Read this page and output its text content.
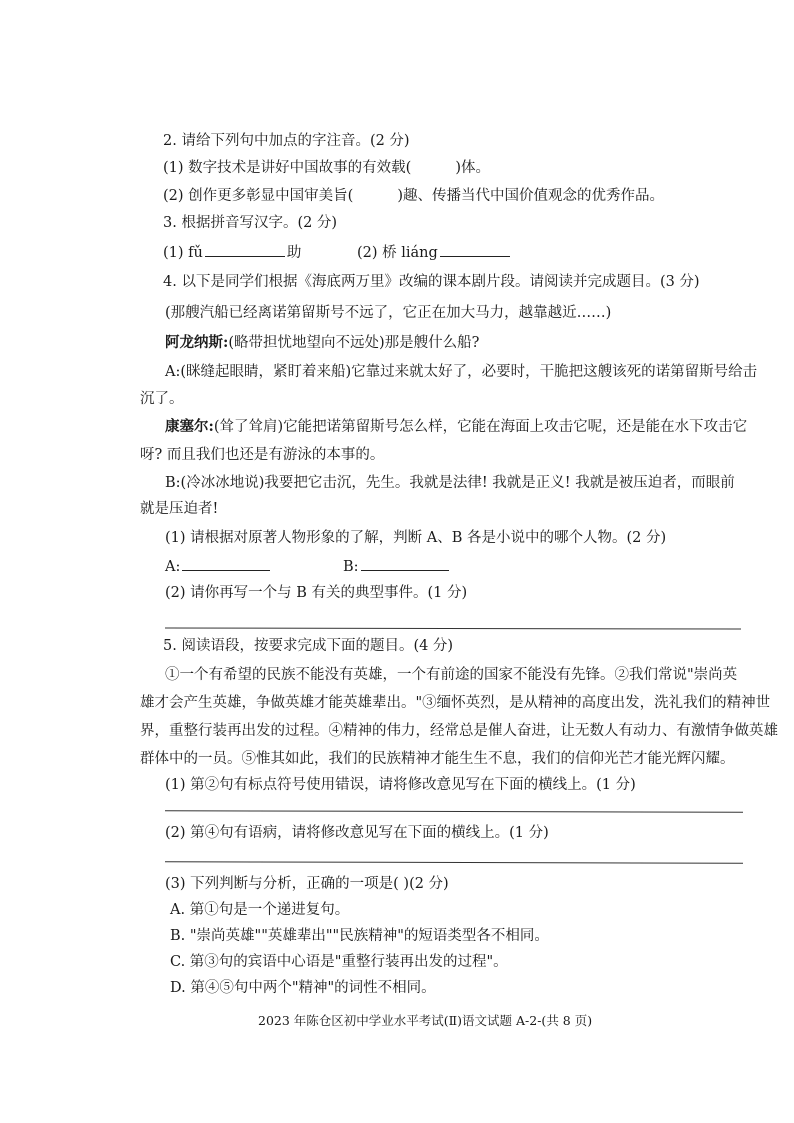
2. 请给下列句中加点的字注音。(2 分)
(1) 数字技术是讲好中国故事的有效载(	)体。
(2) 创作更多彰显中国审美旨(	)趣、传播当代中国价值观念的优秀作品。
3. 根据拼音写汉字。(2 分)
(1) fǔ	助	(2) 桥 liáng
4. 以下是同学们根据《海底两万里》改编的课本剧片段。请阅读并完成题目。(3 分)
(那艘汽船已经离诺第留斯号不远了，它正在加大马力，越靠越近……)
阿龙纳斯:(略带担忧地望向不远处)那是艘什么船?
A:(眯缝起眼睛，紧盯着来船)它靠过来就太好了，必要时，干脆把这艘该死的诺第留斯号给击
沉了。
康塞尔:(耸了耸肩)它能把诺第留斯号怎么样，它能在海面上攻击它呢，还是能在水下攻击它
呀? 而且我们也还是有游泳的本事的。
B:(冷冰冰地说)我要把它击沉，先生。我就是法律! 我就是正义! 我就是被压迫者，而眼前
就是压迫者!
(1) 请根据对原著人物形象的了解，判断 A、B 各是小说中的哪个人物。(2 分)
A:	B:
(2) 请你再写一个与 B 有关的典型事件。(1 分)
5. 阅读语段，按要求完成下面的题目。(4 分)
①一个有希望的民族不能没有英雄，一个有前途的国家不能没有先锋。②我们常说"崇尚英
雄才会产生英雄，争做英雄才能英雄辈出。"③缅怀英烈，是从精神的高度出发，洗礼我们的精神世
界，重整行装再出发的过程。④精神的伟力，经常总是催人奋进，让无数人有动力、有激情争做英雄
群体中的一员。⑤惟其如此，我们的民族精神才能生生不息，我们的信仰光芒才能光辉闪耀。
(1) 第②句有标点符号使用错误，请将修改意见写在下面的横线上。(1 分)
(2) 第④句有语病，请将修改意见写在下面的横线上。(1 分)
(3) 下列判断与分析，正确的一项是( )(2 分)
A. 第①句是一个递进复句。
B. "崇尚英雄""英雄辈出""民族精神"的短语类型各不相同。
C. 第③句的宾语中心语是"重整行装再出发的过程"。
D. 第④⑤句中两个"精神"的词性不相同。
2023 年陈仓区初中学业水平考试(Ⅱ)语文试题 A-2-(共 8 页)
